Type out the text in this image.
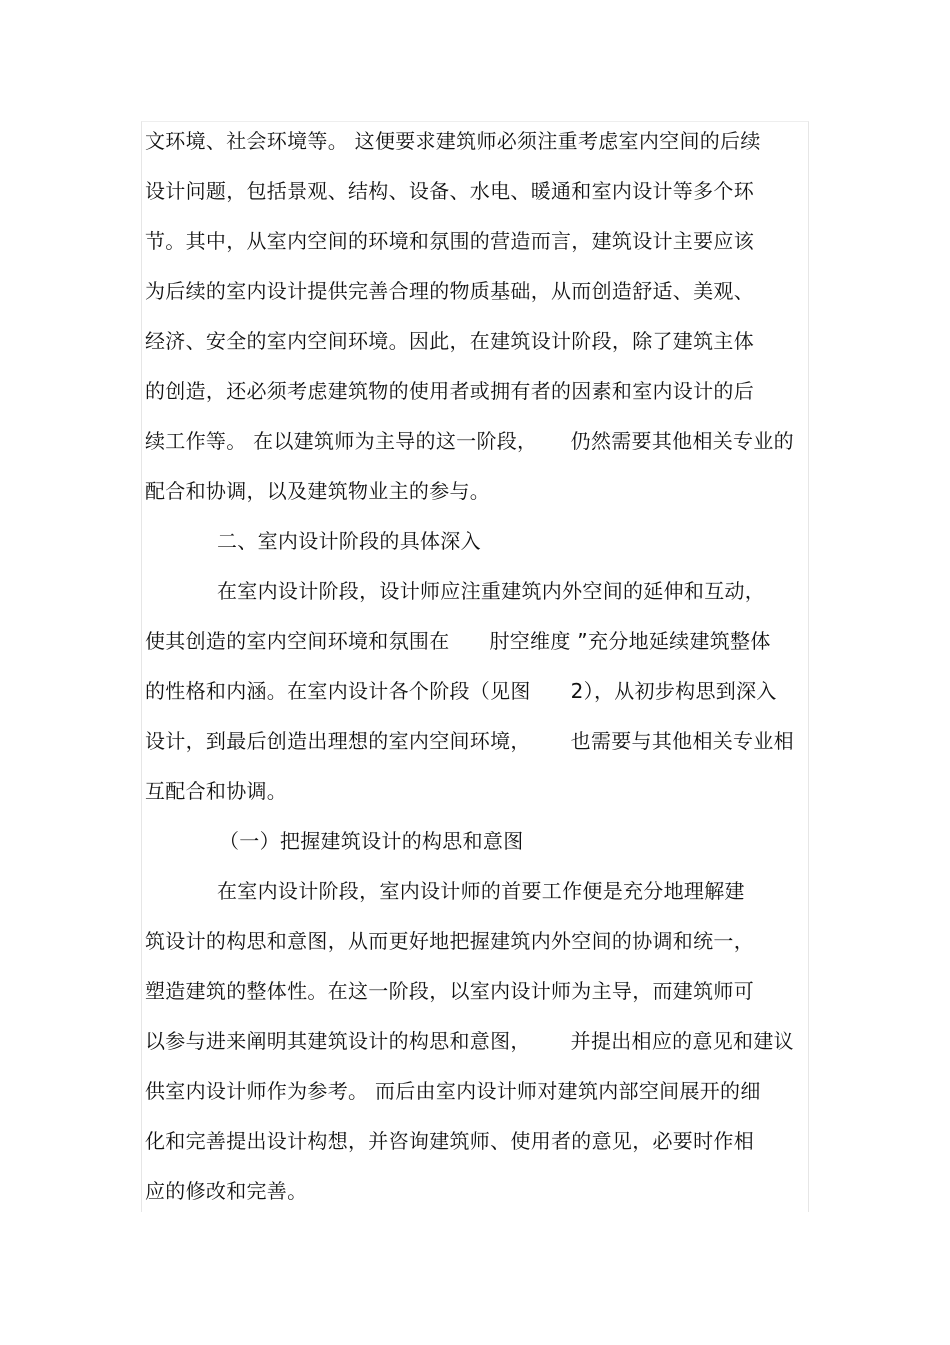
文环境、社会环境等。 这便要求建筑师必须注重考虑室内空间的后续
设计问题，包括景观、结构、设备、水电、暖通和室内设计等多个环
节。其中，从室内空间的环境和氛围的营造而言，建筑设计主要应该
为后续的室内设计提供完善合理的物质基础，从而创造舒适、美观、
经济、安全的室内空间环境。因此，在建筑设计阶段，除了建筑主体
的创造，还必须考虑建筑物的使用者或拥有者的因素和室内设计的后
续工作等。 在以建筑师为主导的这一阶段，     仍然需要其他相关专业的
配合和协调，以及建筑物业主的参与。
二、室内设计阶段的具体深入
在室内设计阶段，设计师应注重建筑内外空间的延伸和互动，
使其创造的室内空间环境和氛围在      肘空维度 ”充分地延续建筑整体
的性格和内涵。在室内设计各个阶段（见图      2），从初步构思到深入
设计，到最后创造出理想的室内空间环境，      也需要与其他相关专业相
互配合和协调。
（一）把握建筑设计的构思和意图
在室内设计阶段，室内设计师的首要工作便是充分地理解建
筑设计的构思和意图，从而更好地把握建筑内外空间的协调和统一，
塑造建筑的整体性。在这一阶段，以室内设计师为主导，而建筑师可
以参与进来阐明其建筑设计的构思和意图，      并提出相应的意见和建议
供室内设计师作为参考。 而后由室内设计师对建筑内部空间展开的细
化和完善提出设计构想，并咨询建筑师、使用者的意见，必要时作相
应的修改和完善。
